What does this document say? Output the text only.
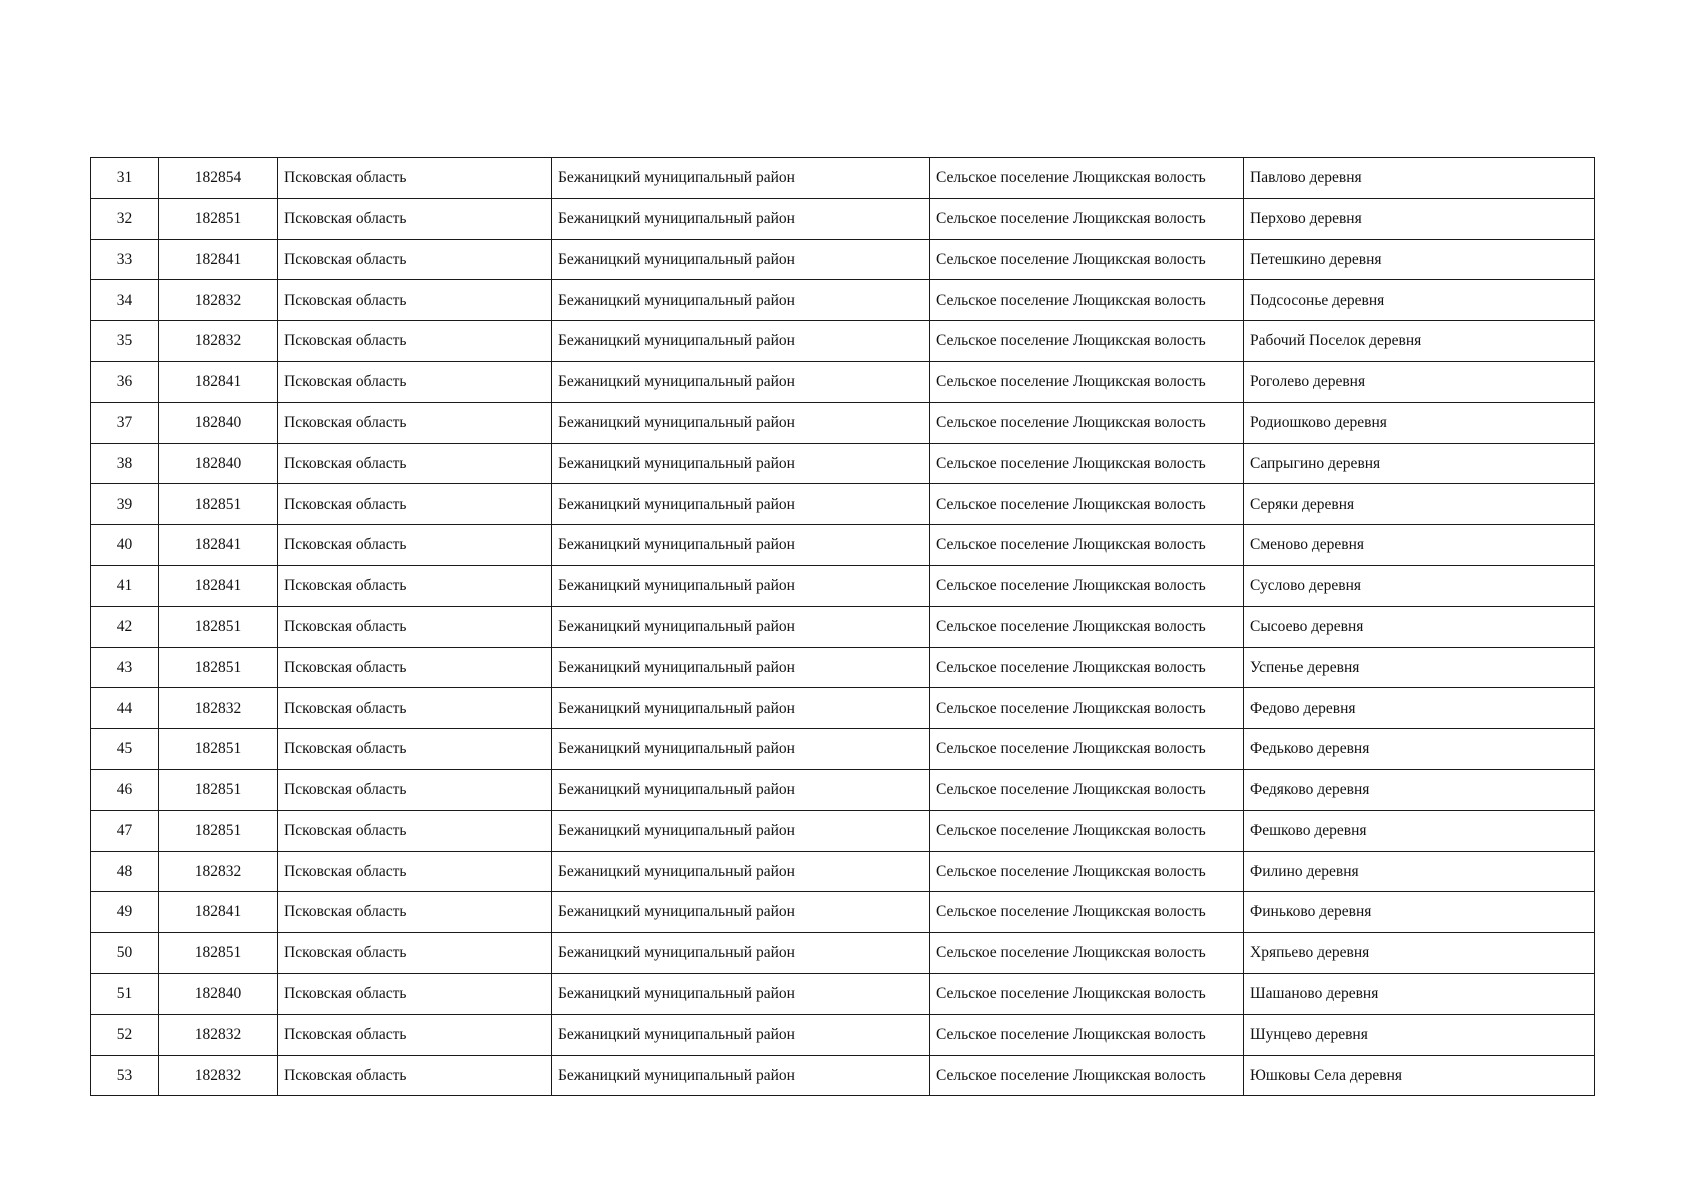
31	182854	Псковская область	Бежаницкий муниципальный район	Сельское поселение Лющикская волость	Павлово деревня
32	182851	Псковская область	Бежаницкий муниципальный район	Сельское поселение Лющикская волость	Перхово деревня
33	182841	Псковская область	Бежаницкий муниципальный район	Сельское поселение Лющикская волость	Петешкино деревня
34	182832	Псковская область	Бежаницкий муниципальный район	Сельское поселение Лющикская волость	Подсосонье деревня
35	182832	Псковская область	Бежаницкий муниципальный район	Сельское поселение Лющикская волость	Рабочий Поселок деревня
36	182841	Псковская область	Бежаницкий муниципальный район	Сельское поселение Лющикская волость	Роголево деревня
37	182840	Псковская область	Бежаницкий муниципальный район	Сельское поселение Лющикская волость	Родиошково деревня
38	182840	Псковская область	Бежаницкий муниципальный район	Сельское поселение Лющикская волость	Сапрыгино деревня
39	182851	Псковская область	Бежаницкий муниципальный район	Сельское поселение Лющикская волость	Серяки деревня
40	182841	Псковская область	Бежаницкий муниципальный район	Сельское поселение Лющикская волость	Сменово деревня
41	182841	Псковская область	Бежаницкий муниципальный район	Сельское поселение Лющикская волость	Суслово деревня
42	182851	Псковская область	Бежаницкий муниципальный район	Сельское поселение Лющикская волость	Сысоево деревня
43	182851	Псковская область	Бежаницкий муниципальный район	Сельское поселение Лющикская волость	Успенье деревня
44	182832	Псковская область	Бежаницкий муниципальный район	Сельское поселение Лющикская волость	Федово деревня
45	182851	Псковская область	Бежаницкий муниципальный район	Сельское поселение Лющикская волость	Федьково деревня
46	182851	Псковская область	Бежаницкий муниципальный район	Сельское поселение Лющикская волость	Федяково деревня
47	182851	Псковская область	Бежаницкий муниципальный район	Сельское поселение Лющикская волость	Фешково деревня
48	182832	Псковская область	Бежаницкий муниципальный район	Сельское поселение Лющикская волость	Филино деревня
49	182841	Псковская область	Бежаницкий муниципальный район	Сельское поселение Лющикская волость	Финьково деревня
50	182851	Псковская область	Бежаницкий муниципальный район	Сельское поселение Лющикская волость	Хряпьево деревня
51	182840	Псковская область	Бежаницкий муниципальный район	Сельское поселение Лющикская волость	Шашаново деревня
52	182832	Псковская область	Бежаницкий муниципальный район	Сельское поселение Лющикская волость	Шунцево деревня
53	182832	Псковская область	Бежаницкий муниципальный район	Сельское поселение Лющикская волость	Юшковы Села деревня
